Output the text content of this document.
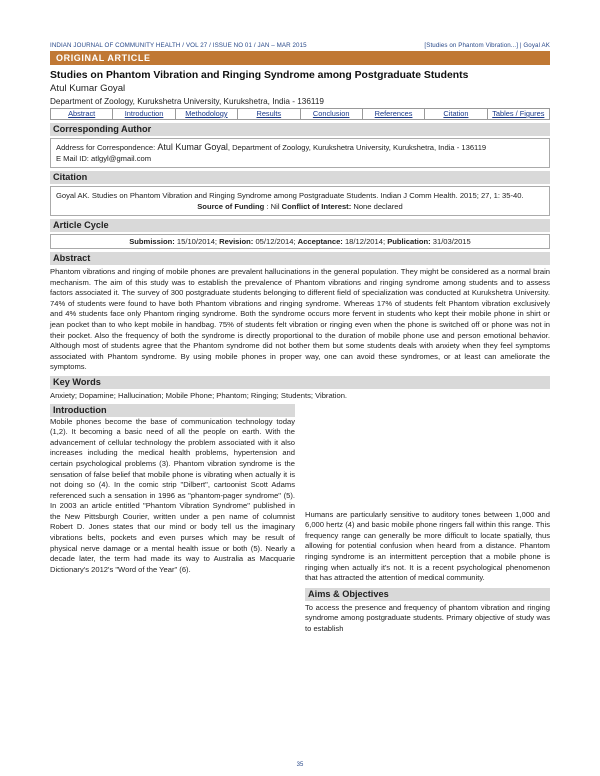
INDIAN JOURNAL OF COMMUNITY HEALTH / VOL 27 / ISSUE NO 01 / JAN – MAR 2015	[Studies on Phantom Vibration...] | Goyal AK
ORIGINAL ARTICLE
Studies on Phantom Vibration and Ringing Syndrome among Postgraduate Students
Atul Kumar Goyal
Department of Zoology, Kurukshetra University, Kurukshetra, India - 136119
Abstract	Introduction	Methodology	Results	Conclusion	References	Citation	Tables / Figures
Corresponding Author
Address for Correspondence: Atul Kumar Goyal, Department of Zoology, Kurukshetra University, Kurukshetra, India - 136119
E Mail ID: atlgyl@gmail.com
Citation
Goyal AK. Studies on Phantom Vibration and Ringing Syndrome among Postgraduate Students. Indian J Comm Health. 2015; 27, 1: 35-40.
Source of Funding : Nil Conflict of Interest: None declared
Article Cycle
Submission: 15/10/2014; Revision: 05/12/2014; Acceptance: 18/12/2014; Publication: 31/03/2015
Abstract

Phantom vibrations and ringing of mobile phones are prevalent hallucinations in the general population. They might be considered as a normal brain mechanism. The aim of this study was to establish the prevalence of Phantom vibrations and ringing syndrome among students and to assess factors associated it. The survey of 300 postgraduate students belonging to different field of specialization was conducted at Kurukshetra University. 74% of students were found to have both Phantom vibrations and ringing syndrome. Whereas 17% of students felt Phantom vibration exclusively and 4% students face only Phantom ringing syndrome. Both the syndrome occurs more fervent in students who kept their mobile phone in shirt or jean pocket than to who kept mobile in handbag. 75% of students felt vibration or ringing even when the phone is switched off or phone was not in their pocket. Also the frequency of both the syndrome is directly proportional to the duration of mobile phone use and person emotional behavior. Although most of students agree that the Phantom syndrome did not bother them but some students deals with anxiety when they feel symptoms associated with Phantom syndrome. By using mobile phones in proper way, one can avoid these syndromes, or at least can ameliorate the symptoms.

Key Words

Anxiety; Dopamine; Hallucination; Mobile Phone; Phantom; Ringing; Students; Vibration.

Introduction

Mobile phones become the base of communication technology today (1,2). It becoming a basic need of all the people on earth. With the advancement of cellular technology the problem associated with it also increases including the medical health problems, hypertension and certain psychological problems (3). Phantom vibration syndrome is the sensation of false belief that mobile phone is vibrating when actually it is not doing so (4). In the comic strip "Dilbert", cartoonist Scott Adams referenced such a sensation in 1996 as "phantom-pager syndrome" (5). In 2003 an article entitled "Phantom Vibration Syndrome" published in the New Pittsburgh Courier, written under a pen name of columnist Robert D. Jones states that our mind or body tell us the imaginary vibrations belts, pockets and even purses which may be result of physical nerve damage or a mental health issue or both (5). Nearly a decade later, the term had made its way to Australia as Macquarie Dictionary's 2012's "Word of the Year" (6).

Humans are particularly sensitive to auditory tones between 1,000 and 6,000 hertz (4) and basic mobile phone ringers fall within this range. This frequency range can generally be more difficult to locate spatially, thus allowing for potential confusion when heard from a distance. Phantom ringing syndrome is an intermittent perception that a mobile phone is ringing when actually it's not. It is a recent psychological phenomenon that has attracted the attention of medical community.

Aims & Objectives

To access the presence and frequency of phantom vibration and ringing syndrome among postgraduate students. Primary objective of study was to establish

35
